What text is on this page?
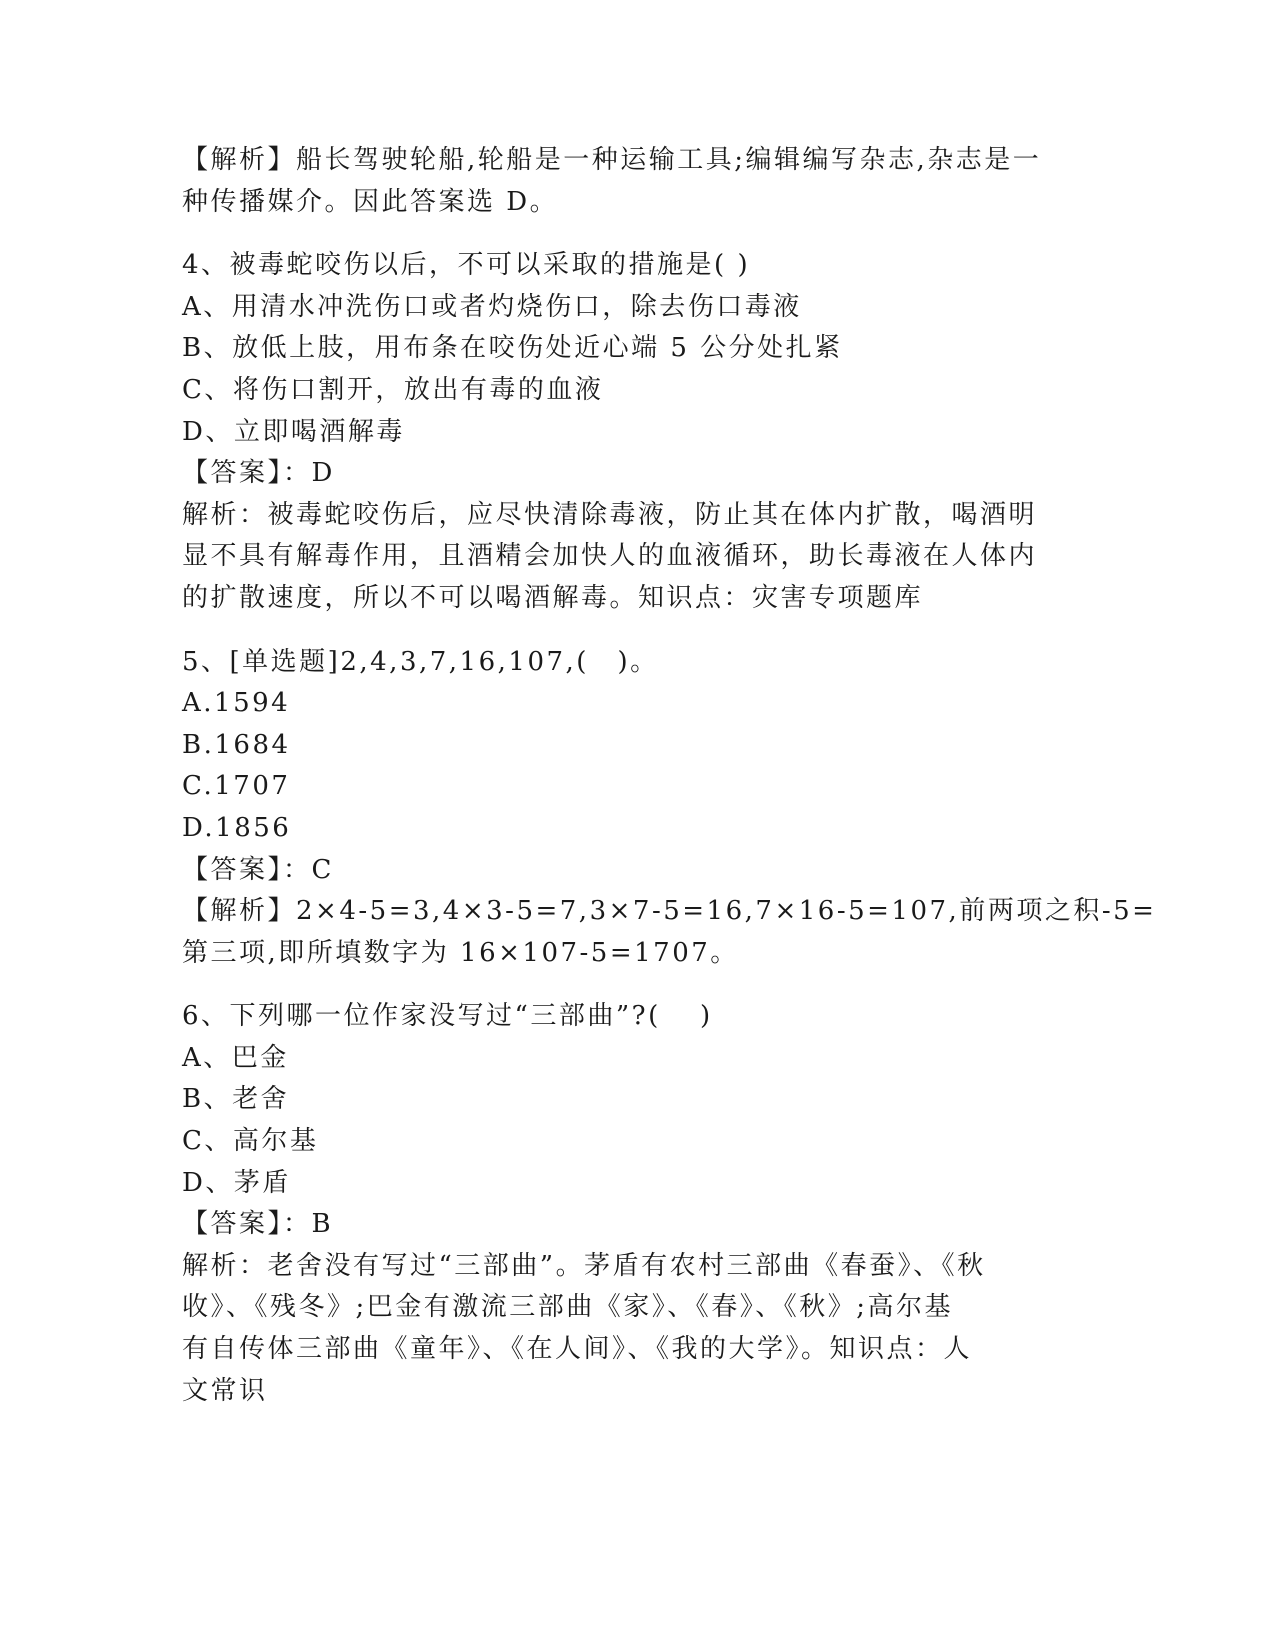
【解析】船长驾驶轮船,轮船是一种运输工具;编辑编写杂志,杂志是一
种传播媒介。因此答案选 D。
4、被毒蛇咬伤以后，不可以采取的措施是( )
A、用清水冲洗伤口或者灼烧伤口，除去伤口毒液
B、放低上肢，用布条在咬伤处近心端 5 公分处扎紧
C、将伤口割开，放出有毒的血液
D、立即喝酒解毒
【答案】：D
解析：被毒蛇咬伤后，应尽快清除毒液，防止其在体内扩散，喝酒明
显不具有解毒作用，且酒精会加快人的血液循环，助长毒液在人体内
的扩散速度，所以不可以喝酒解毒。知识点：灾害专项题库
5、[单选题]2,4,3,7,16,107,(　)。
A.1594
B.1684
C.1707
D.1856
【答案】：C
【解析】2×4-5=3,4×3-5=7,3×7-5=16,7×16-5=107,前两项之积-5=
第三项,即所填数字为 16×107-5=1707。
6、下列哪一位作家没写过“三部曲”?(　 )
A、巴金
B、老舍
C、高尔基
D、茅盾
【答案】：B
解析：老舍没有写过“三部曲”。茅盾有农村三部曲《春蚕》、《秋
收》、《残冬》;巴金有激流三部曲《家》、《春》、《秋》;高尔基
有自传体三部曲《童年》、《在人间》、《我的大学》。知识点：人
文常识
